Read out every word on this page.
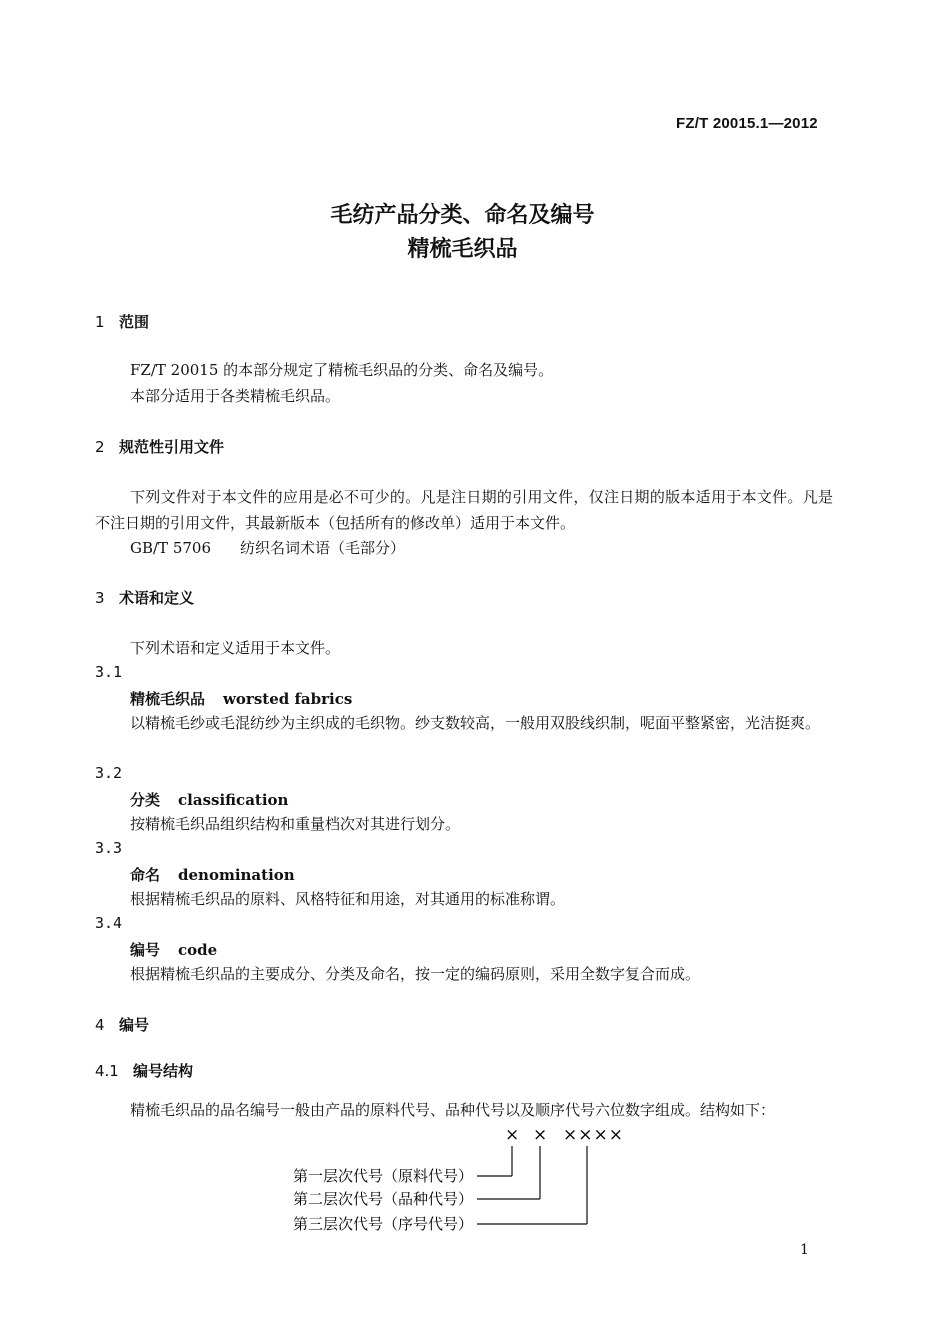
FZ/T 20015.1—2012
毛纺产品分类、命名及编号
精梳毛织品
1 范围
FZ/T 20015 的本部分规定了精梳毛织品的分类、命名及编号。
本部分适用于各类精梳毛织品。
2 规范性引用文件
下列文件对于本文件的应用是必不可少的。凡是注日期的引用文件，仅注日期的版本适用于本文件。凡是不注日期的引用文件，其最新版本（包括所有的修改单）适用于本文件。
GB/T 5706 纺织名词术语（毛部分）
3 术语和定义
下列术语和定义适用于本文件。
3.1
精梳毛织品 worsted fabrics
以精梳毛纱或毛混纺纱为主织成的毛织物。纱支数较高，一般用双股线织制，呢面平整紧密，光洁挺爽。
3.2
分类 classification
按精梳毛织品组织结构和重量档次对其进行划分。
3.3
命名 denomination
根据精梳毛织品的原料、风格特征和用途，对其通用的标准称谓。
3.4
编号 code
根据精梳毛织品的主要成分、分类及命名，按一定的编码原则，采用全数字复合而成。
4 编号
4.1 编号结构
精梳毛织品的品名编号一般由产品的原料代号、品种代号以及顺序代号六位数字组成。结构如下：
× × ××××
第一层次代号（原料代号）
第二层次代号（品种代号）
第三层次代号（序号代号）
1
